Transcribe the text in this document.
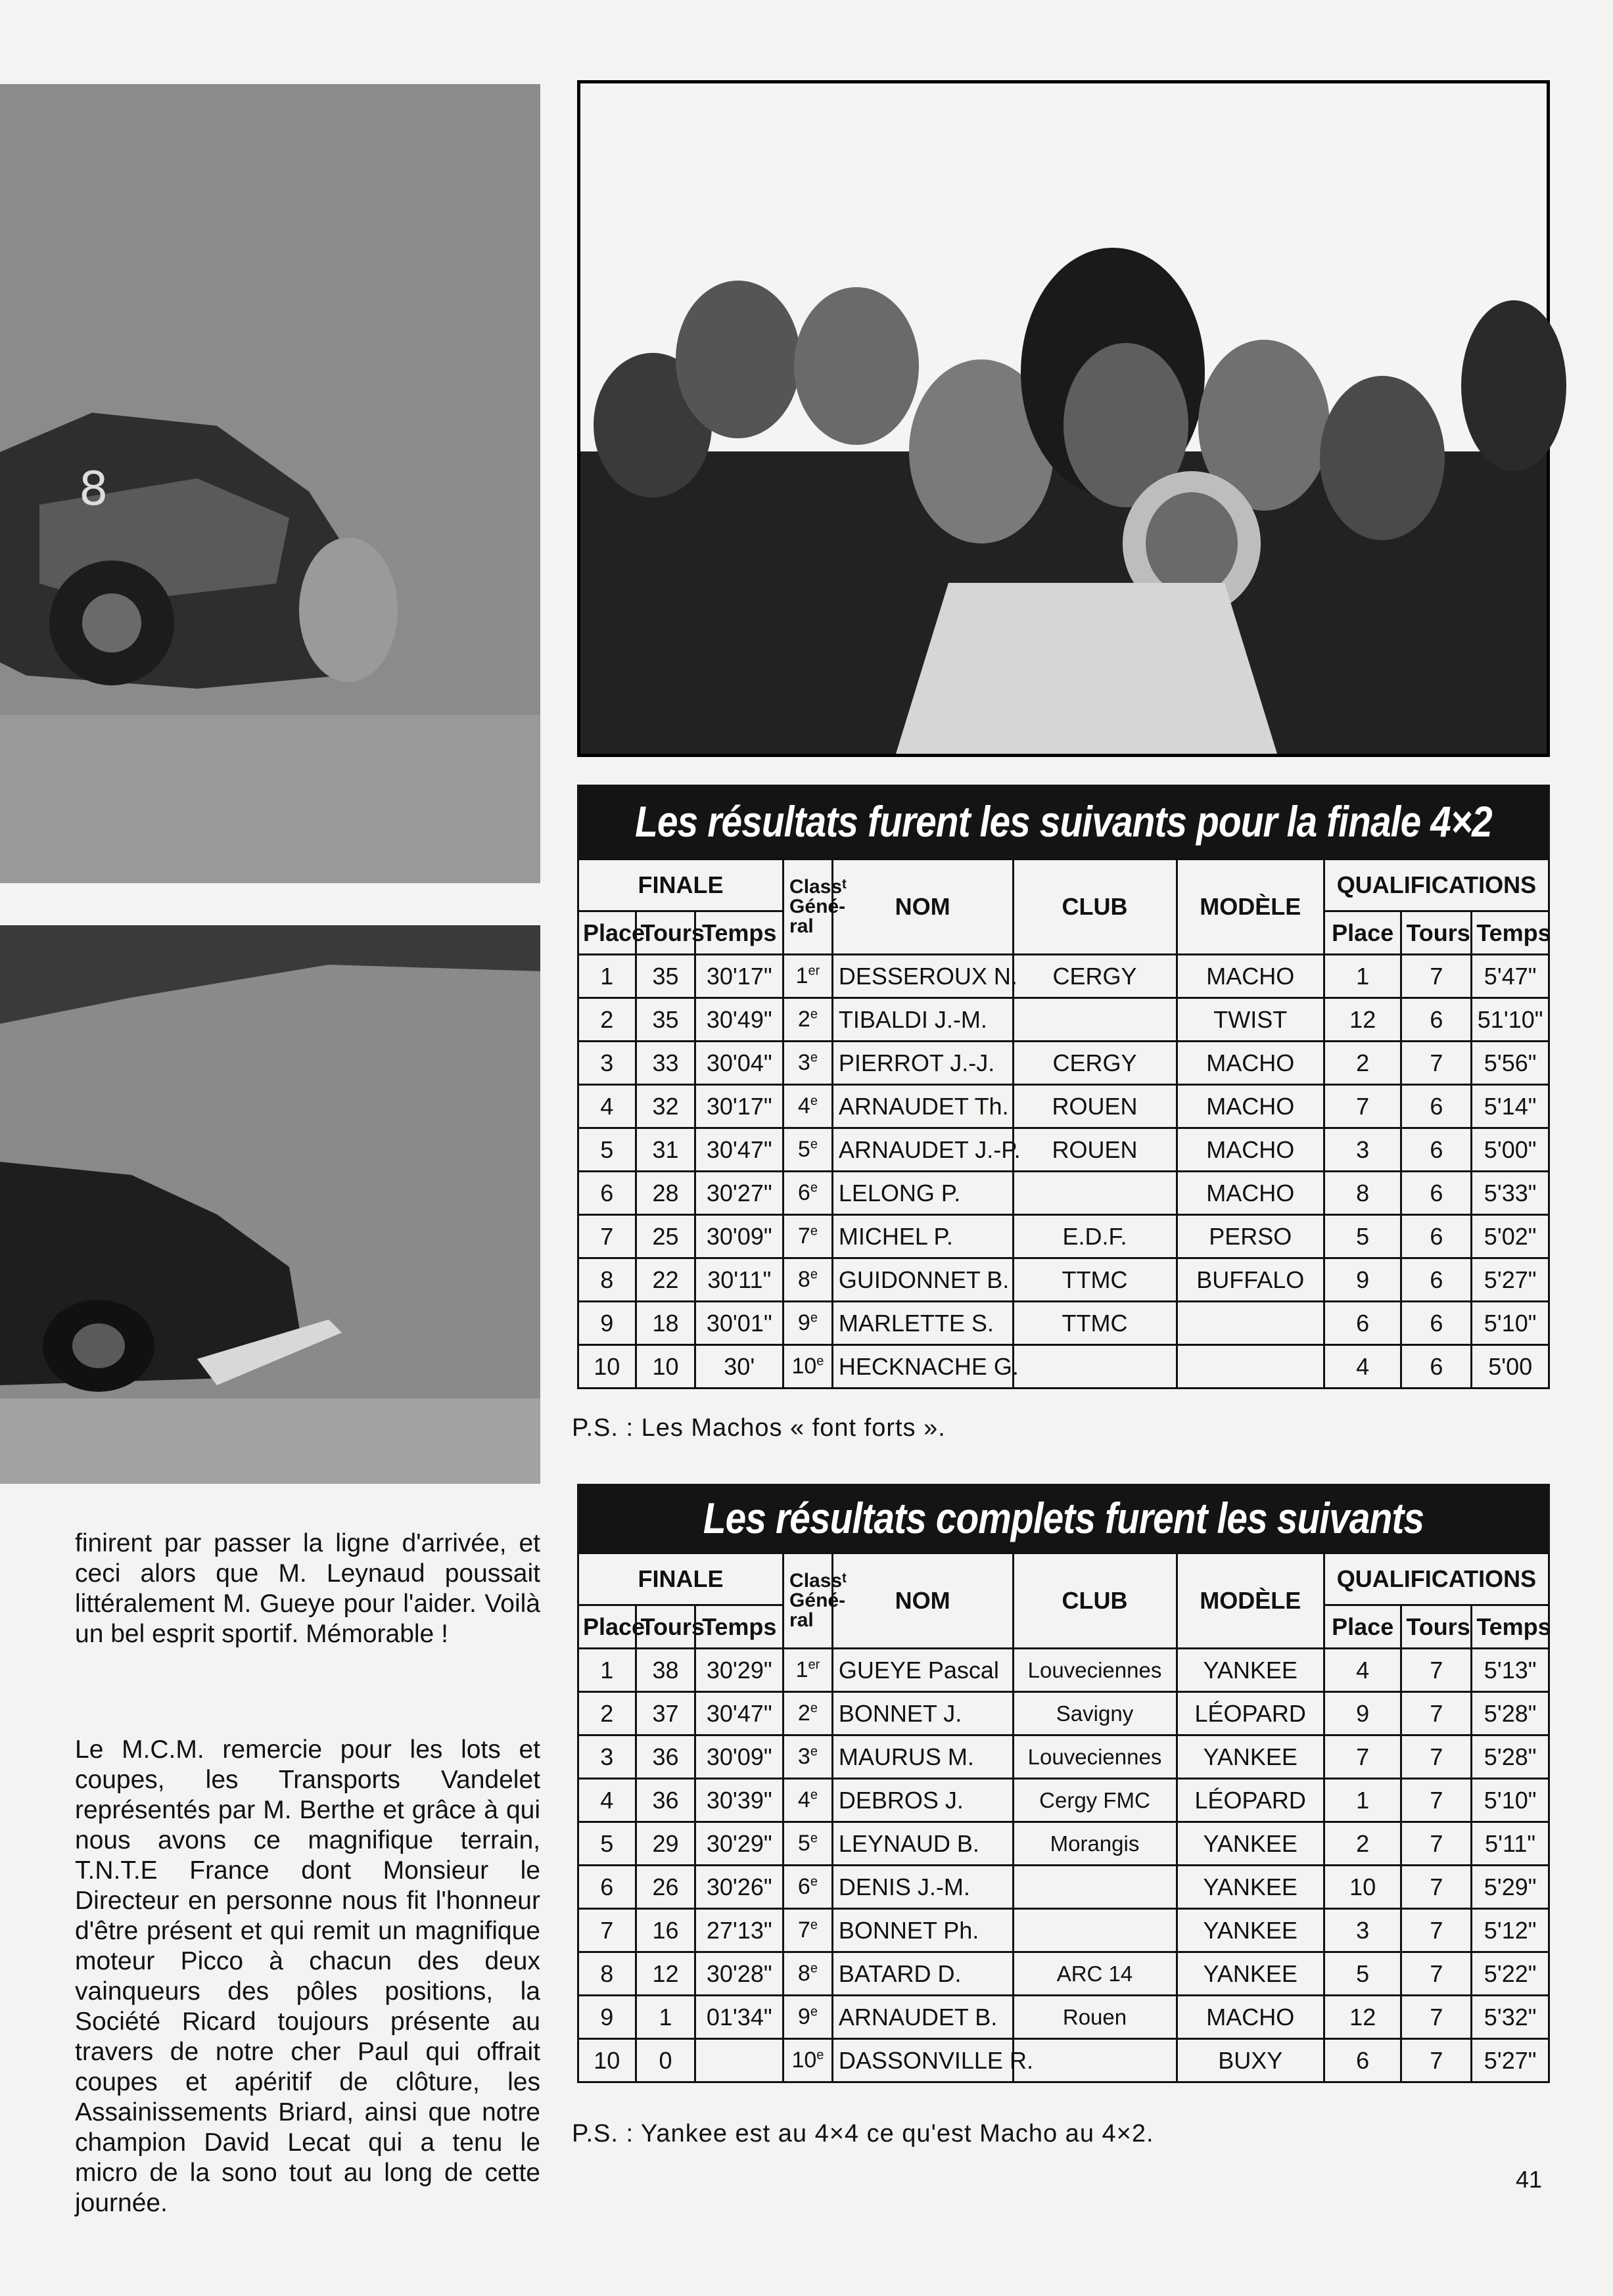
8
Les résultats furent les suivants pour la finale 4×2
FINALE			Classᵗ
Géné-
ral	NOM	CLUB	MODÈLE	QUALIFICATIONS		
Place	Tours	Temps					Place	Tours	Temps
1	35	30'17"	1er	DESSEROUX N.	CERGY	MACHO	1	7	5'47"
2	35	30'49"	2e	TIBALDI J.-M.		TWIST	12	6	51'10"
3	33	30'04"	3e	PIERROT J.-J.	CERGY	MACHO	2	7	5'56"
4	32	30'17"	4e	ARNAUDET Th.	ROUEN	MACHO	7	6	5'14"
5	31	30'47"	5e	ARNAUDET J.-P.	ROUEN	MACHO	3	6	5'00"
6	28	30'27"	6e	LELONG P.		MACHO	8	6	5'33"
7	25	30'09"	7e	MICHEL P.	E.D.F.	PERSO	5	6	5'02"
8	22	30'11"	8e	GUIDONNET B.	TTMC	BUFFALO	9	6	5'27"
9	18	30'01"	9e	MARLETTE S.	TTMC		6	6	5'10"
10	10	30'	10e	HECKNACHE G.			4	6	5'00
P.S. : Les Machos « font forts ».
Les résultats complets furent les suivants
FINALE			Classᵗ
Géné-
ral	NOM	CLUB	MODÈLE	QUALIFICATIONS		
Place	Tours	Temps					Place	Tours	Temps
1	38	30'29"	1er	GUEYE Pascal	Louveciennes	YANKEE	4	7	5'13"
2	37	30'47"	2e	BONNET J.	Savigny	LÉOPARD	9	7	5'28"
3	36	30'09"	3e	MAURUS M.	Louveciennes	YANKEE	7	7	5'28"
4	36	30'39"	4e	DEBROS J.	Cergy FMC	LÉOPARD	1	7	5'10"
5	29	30'29"	5e	LEYNAUD B.	Morangis	YANKEE	2	7	5'11"
6	26	30'26"	6e	DENIS J.-M.		YANKEE	10	7	5'29"
7	16	27'13"	7e	BONNET Ph.		YANKEE	3	7	5'12"
8	12	30'28"	8e	BATARD D.	ARC 14	YANKEE	5	7	5'22"
9	1	01'34"	9e	ARNAUDET B.	Rouen	MACHO	12	7	5'32"
10	0		10e	DASSONVILLE R.		BUXY	6	7	5'27"
P.S. : Yankee est au 4×4 ce qu'est Macho au 4×2.
finirent par passer la ligne d'arrivée, et ceci alors que M. Leynaud poussait littéralement M. Gueye pour l'aider. Voilà un bel esprit sportif. Mémorable !
Le M.C.M. remercie pour les lots et coupes, les Transports Vandelet représentés par M. Berthe et grâce à qui nous avons ce magnifique terrain, T.N.T.E France dont Monsieur le Directeur en personne nous fit l'honneur d'être présent et qui remit un magnifique moteur Picco à chacun des deux vainqueurs des pôles positions, la Société Ricard toujours présente au travers de notre cher Paul qui offrait coupes et apéritif de clôture, les Assainissements Briard, ainsi que notre champion David Lecat qui a tenu le micro de la sono tout au long de cette journée.
41
